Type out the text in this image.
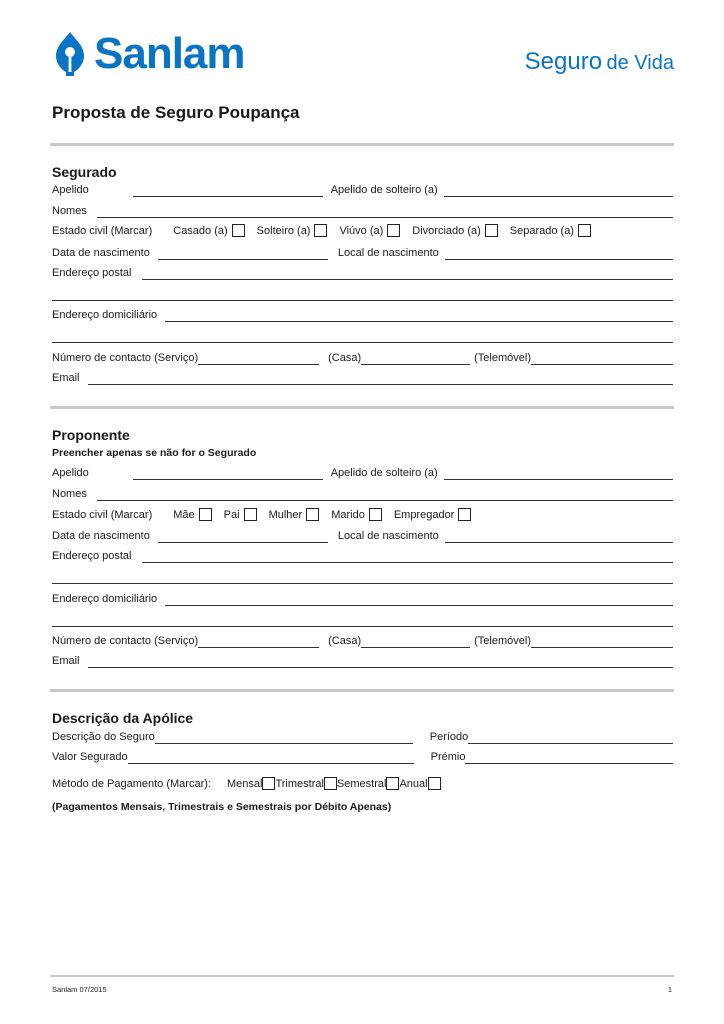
Sanlam	Seguro de Vida
Proposta de Seguro Poupança
Segurado
Apelido	Apelido de solteiro (a)
Nomes
Estado civil (Marcar) Casado (a)	Solteiro (a)	Viúvo (a)	Divorciado (a)	Separado (a)
Data de nascimento	Local de nascimento
Endereço postal
Endereço domiciliário
Número de contacto (Serviço)	(Casa)	(Telemóvel)
Email
Proponente
Preencher apenas se não for o Segurado
Apelido	Apelido de solteiro (a)
Nomes
Estado civil (Marcar) Mãe	Pai	Mulher	Marido	Empregador
Data de nascimento	Local de nascimento
Endereço postal
Endereço domiciliário
Número de contacto (Serviço)	(Casa)	(Telemóvel)
Email
Descrição da Apólice
Descrição do Seguro	Período
Valor Segurado	Prémio
Método de Pagamento (Marcar): Mensal Trimestral Semestral Anual
(Pagamentos Mensais, Trimestrais e Semestrais por Débito Apenas)
Sanlam 07/2015	1
